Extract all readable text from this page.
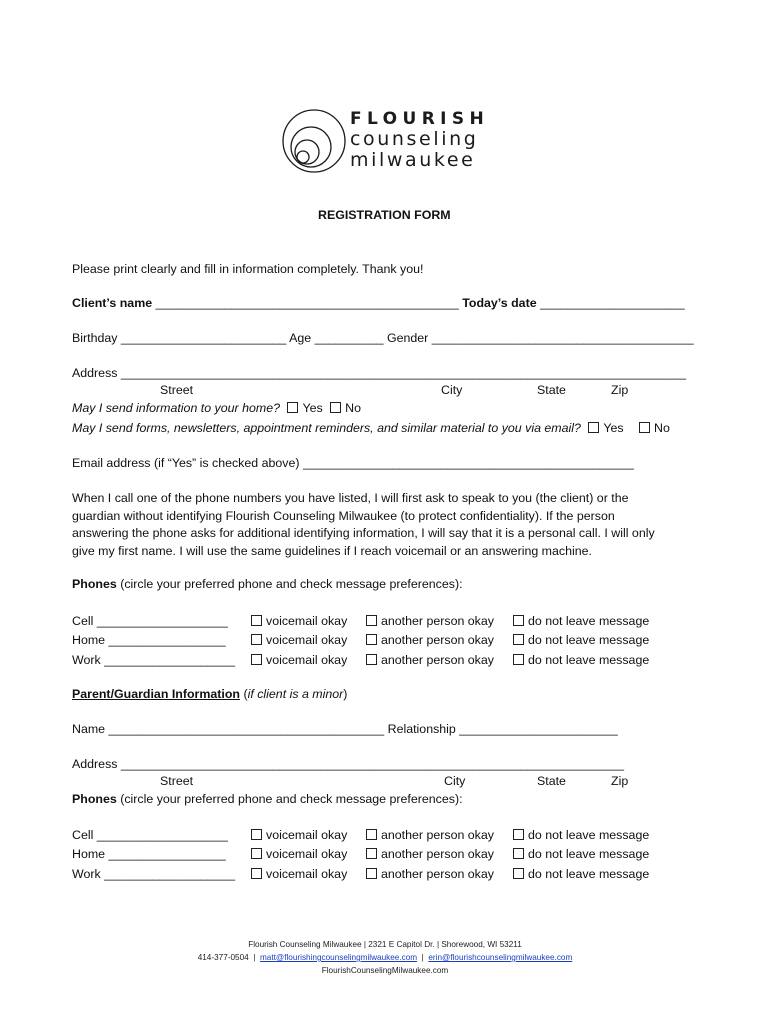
FLOURISH
counseling
milwaukee
REGISTRATION FORM
Please print clearly and fill in information completely. Thank you!
Client’s name ____________________________________________ Today’s date _____________________
Birthday ________________________ Age __________ Gender ______________________________________
Address __________________________________________________________________________________
Street	City	State	Zip
May I send information to your home? Yes No
May I send forms, newsletters, appointment reminders, and similar material to you via email? Yes No
Email address (if “Yes” is checked above) ________________________________________________
When I call one of the phone numbers you have listed, I will first ask to speak to you (the client) or the guardian without identifying Flourish Counseling Milwaukee (to protect confidentiality). If the person answering the phone asks for additional identifying information, I will say that it is a personal call. I will only give my first name. I will use the same guidelines if I reach voicemail or an answering machine.
Phones (circle your preferred phone and check message preferences):
Cell ___________________	voicemail okay	another person okay	do not leave message
Home _________________	voicemail okay	another person okay	do not leave message
Work ___________________	voicemail okay	another person okay	do not leave message
Parent/Guardian Information (if client is a minor)
Name ________________________________________ Relationship _______________________
Address _________________________________________________________________________
Street	City	State	Zip
Phones (circle your preferred phone and check message preferences):
Cell ___________________	voicemail okay	another person okay	do not leave message
Home _________________	voicemail okay	another person okay	do not leave message
Work ___________________	voicemail okay	another person okay	do not leave message
Flourish Counseling Milwaukee | 2321 E Capitol Dr. | Shorewood, WI 53211
414-377-0504 | matt@flourishingcounselingmilwaukee.com | erin@flourishcounselingmilwaukee.com
FlourishCounselingMilwaukee.com
